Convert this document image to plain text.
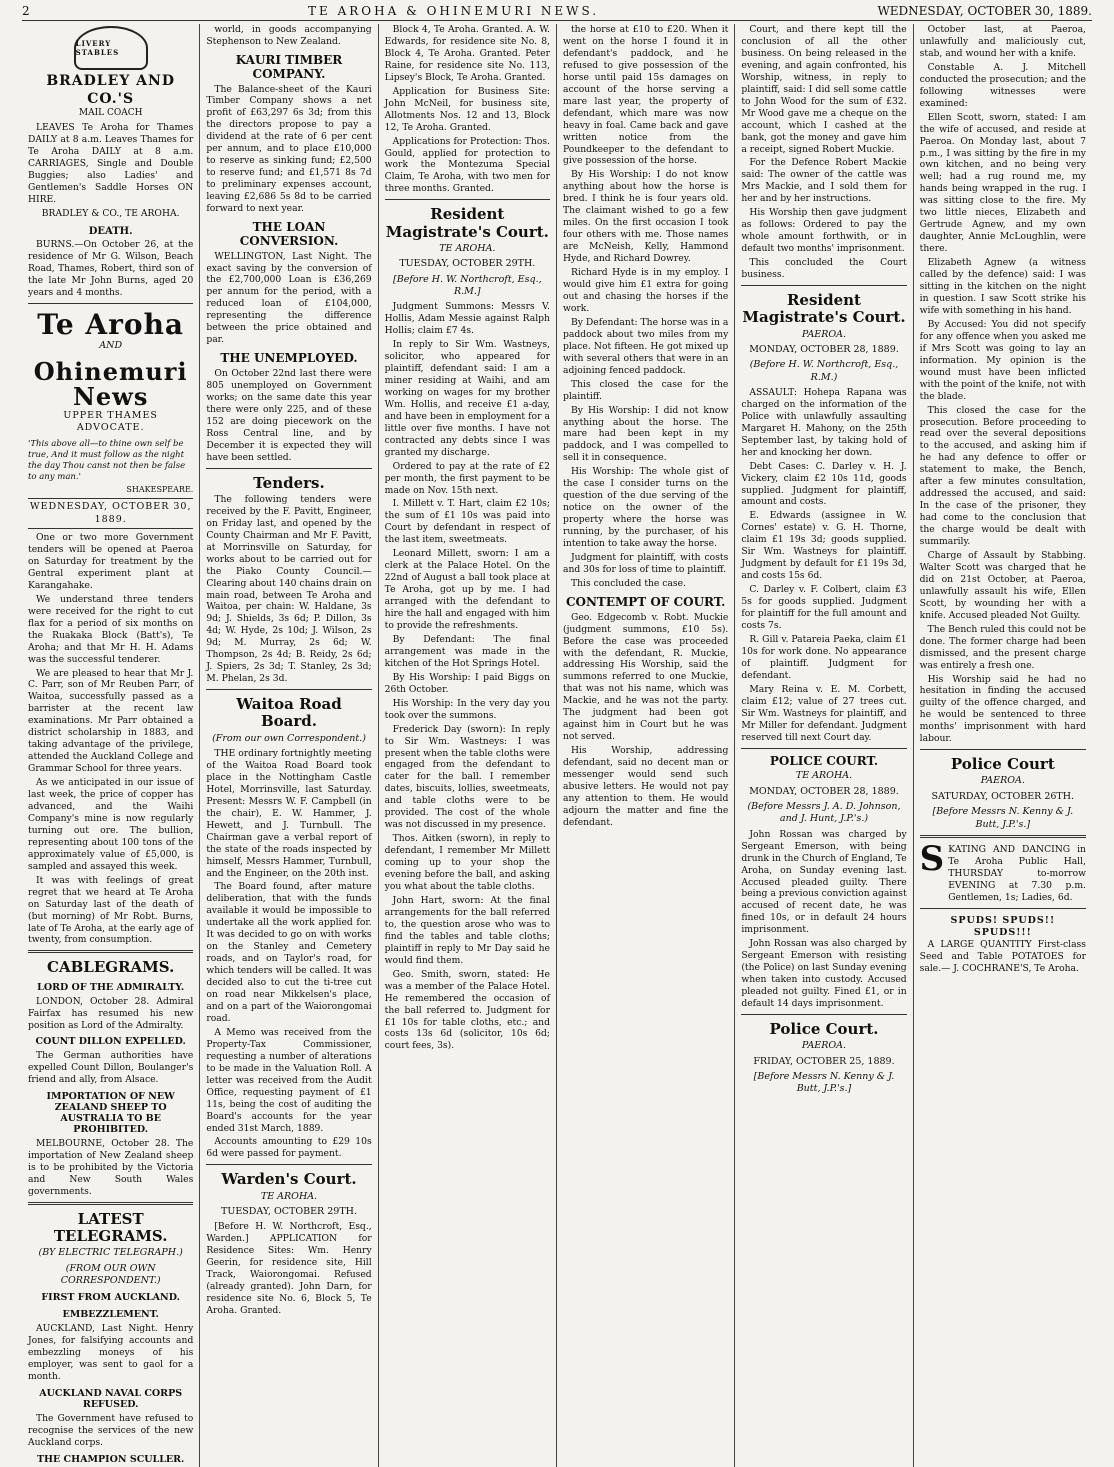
2	TE AROHA & OHINEMURI NEWS.	WEDNESDAY, OCTOBER 30, 1889.
LIVERY STABLES
BRADLEY AND CO.'S
MAIL COACH

LEAVES Te Aroha for Thames DAILY at 8 a.m. Leaves Thames for Te Aroha DAILY at 8 a.m. CARRIAGES, Single and Double Buggies; also Ladies' and Gentlemen's Saddle Horses ON HIRE.

BRADLEY & CO., TE AROHA.

DEATH.

BURNS.—On October 26, at the residence of Mr G. Wilson, Beach Road, Thames, Robert, third son of the late Mr John Burns, aged 20 years and 4 months.

Te Aroha
AND
Ohinemuri News
UPPER THAMES ADVOCATE.
'This above all—to thine own self be true, And it must follow as the night the day Thou canst not then be false to any man.'
SHAKESPEARE.
WEDNESDAY, OCTOBER 30, 1889.

One or two more Government tenders will be opened at Paeroa on Saturday for treatment by the Gentral experiment plant at Karangahake.

We understand three tenders were received for the right to cut flax for a period of six months on the Ruakaka Block (Batt's), Te Aroha; and that Mr H. H. Adams was the successful tenderer.

We are pleased to hear that Mr J. C. Parr, son of Mr Reuben Parr, of Waitoa, successfully passed as a barrister at the recent law examinations. Mr Parr obtained a district scholarship in 1883, and taking advantage of the privilege, attended the Auckland College and Grammar School for three years.

As we anticipated in our issue of last week, the price of copper has advanced, and the Waihi Company's mine is now regularly turning out ore. The bullion, representing about 100 tons of the approximately value of £5,000, is sampled and assayed this week.

It was with feelings of great regret that we heard at Te Aroha on Saturday last of the death of (but morning) of Mr Robt. Burns, late of Te Aroha, at the early age of twenty, from consumption.

CABLEGRAMS.
LORD OF THE ADMIRALTY.

LONDON, October 28. Admiral Fairfax has resumed his new position as Lord of the Admiralty.

COUNT DILLON EXPELLED.

The German authorities have expelled Count Dillon, Boulanger's friend and ally, from Alsace.

IMPORTATION OF NEW ZEALAND SHEEP TO AUSTRALIA TO BE PROHIBITED.

MELBOURNE, October 28. The importation of New Zealand sheep is to be prohibited by the Victoria and New South Wales governments.

LATEST TELEGRAMS.
(BY ELECTRIC TELEGRAPH.)
(FROM OUR OWN CORRESPONDENT.)
FIRST FROM AUCKLAND.
EMBEZZLEMENT.

AUCKLAND, Last Night. Henry Jones, for falsifying accounts and embezzling moneys of his employer, was sent to gaol for a month.

AUCKLAND NAVAL CORPS REFUSED.

The Government have refused to recognise the services of the new Auckland corps.

THE CHAMPION SCULLER.

world, in goods accompanying Stephenson to New Zealand.

KAURI TIMBER COMPANY.

The Balance-sheet of the Kauri Timber Company shows a net profit of £63,297 6s 3d; from this the directors propose to pay a dividend at the rate of 6 per cent per annum, and to place £10,000 to reserve as sinking fund; £2,500 to reserve fund; and £1,571 8s 7d to preliminary expenses account, leaving £2,686 5s 8d to be carried forward to next year.

THE LOAN CONVERSION.

WELLINGTON, Last Night. The exact saving by the conversion of the £2,700,000 Loan is £36,269 per annum for the period, with a reduced loan of £104,000, representing the difference between the price obtained and par.

THE UNEMPLOYED.

On October 22nd last there were 805 unemployed on Government works; on the same date this year there were only 225, and of these 152 are doing piecework on the Ross Central line, and by December it is expected they will have been settled.

Tenders.

The following tenders were received by the F. Pavitt, Engineer, on Friday last, and opened by the County Chairman and Mr F. Pavitt, at Morrinsville on Saturday, for works about to be carried out for the Piako County Council.—Clearing about 140 chains drain on main road, between Te Aroha and Waitoa, per chain: W. Haldane, 3s 9d; J. Shields, 3s 6d; P. Dillon, 3s 4d; W. Hyde, 2s 10d; J. Wilson, 2s 9d; M. Murray, 2s 6d; W. Thompson, 2s 4d; B. Reidy, 2s 6d; J. Spiers, 2s 3d; T. Stanley, 2s 3d; M. Phelan, 2s 3d.

Waitoa Road Board.
(From our own Correspondent.)

THE ordinary fortnightly meeting of the Waitoa Road Board took place in the Nottingham Castle Hotel, Morrinsville, last Saturday. Present: Messrs W. F. Campbell (in the chair), E. W. Hammer, J. Hewett, and J. Turnbull. The Chairman gave a verbal report of the state of the roads inspected by himself, Messrs Hammer, Turnbull, and the Engineer, on the 20th inst.

The Board found, after mature deliberation, that with the funds available it would be impossible to undertake all the work applied for. It was decided to go on with works on the Stanley and Cemetery roads, and on Taylor's road, for which tenders will be called. It was decided also to cut the ti-tree cut on road near Mikkelsen's place, and on a part of the Waiorongomai road.

A Memo was received from the Property-Tax Commissioner, requesting a number of alterations to be made in the Valuation Roll. A letter was received from the Audit Office, requesting payment of £1 11s, being the cost of auditing the Board's accounts for the year ended 31st March, 1889.

Accounts amounting to £29 10s 6d were passed for payment.

Warden's Court.
TE AROHA.
TUESDAY, OCTOBER 29TH.

[Before H. W. Northcroft, Esq., Warden.] APPLICATION for Residence Sites: Wm. Henry Geerin, for residence site, Hill Track, Waiorongomai. Refused (already granted). John Darn, for residence site No. 6, Block 5, Te Aroha. Granted.

Block 4, Te Aroha. Granted. A. W. Edwards, for residence site No. 8, Block 4, Te Aroha. Granted. Peter Raine, for residence site No. 113, Lipsey's Block, Te Aroha. Granted.

Application for Business Site: John McNeil, for business site, Allotments Nos. 12 and 13, Block 12, Te Aroha. Granted.

Applications for Protection: Thos. Gould, applied for protection to work the Montezuma Special Claim, Te Aroha, with two men for three months. Granted.

Resident Magistrate's Court.
TE AROHA.
TUESDAY, OCTOBER 29TH.
[Before H. W. Northcroft, Esq., R.M.]

Judgment Summons: Messrs V. Hollis, Adam Messie against Ralph Hollis; claim £7 4s.

In reply to Sir Wm. Wastneys, solicitor, who appeared for plaintiff, defendant said: I am a miner residing at Waihi, and am working on wages for my brother Wm. Hollis, and receive £1 a-day, and have been in employment for a little over five months. I have not contracted any debts since I was granted my discharge.

Ordered to pay at the rate of £2 per month, the first payment to be made on Nov. 15th next.

I. Millett v. T. Hart, claim £2 10s; the sum of £1 10s was paid into Court by defendant in respect of the last item, sweetmeats.

Leonard Millett, sworn: I am a clerk at the Palace Hotel. On the 22nd of August a ball took place at Te Aroha, got up by me. I had arranged with the defendant to hire the hall and engaged with him to provide the refreshments.

By Defendant: The final arrangement was made in the kitchen of the Hot Springs Hotel.

By His Worship: I paid Biggs on 26th October.

His Worship: In the very day you took over the summons.

Frederick Day (sworn): In reply to Sir Wm. Wastneys: I was present when the table cloths were engaged from the defendant to cater for the ball. I remember dates, biscuits, lollies, sweetmeats, and table cloths were to be provided. The cost of the whole was not discussed in my presence.

Thos. Aitken (sworn), in reply to defendant, I remember Mr Millett coming up to your shop the evening before the ball, and asking you what about the table cloths.

John Hart, sworn: At the final arrangements for the ball referred to, the question arose who was to find the tables and table cloths; plaintiff in reply to Mr Day said he would find them.

Geo. Smith, sworn, stated: He was a member of the Palace Hotel. He remembered the occasion of the ball referred to. Judgment for £1 10s for table cloths, etc.; and costs 13s 6d (solicitor, 10s 6d; court fees, 3s).

the horse at £10 to £20. When it went on the horse I found it in defendant's paddock, and he refused to give possession of the horse until paid 15s damages on account of the horse serving a mare last year, the property of defendant, which mare was now heavy in foal. Came back and gave written notice from the Poundkeeper to the defendant to give possession of the horse.

By His Worship: I do not know anything about how the horse is bred. I think he is four years old. The claimant wished to go a few miles. On the first occasion I took four others with me. Those names are McNeish, Kelly, Hammond Hyde, and Richard Dowrey.

Richard Hyde is in my employ. I would give him £1 extra for going out and chasing the horses if the work.

By Defendant: The horse was in a paddock about two miles from my place. Not fifteen. He got mixed up with several others that were in an adjoining fenced paddock.

This closed the case for the plaintiff.

By His Worship: I did not know anything about the horse. The mare had been kept in my paddock, and I was compelled to sell it in consequence.

His Worship: The whole gist of the case I consider turns on the question of the due serving of the notice on the owner of the property where the horse was running, by the purchaser, of his intention to take away the horse.

Judgment for plaintiff, with costs and 30s for loss of time to plaintiff.

This concluded the case.

CONTEMPT OF COURT.

Geo. Edgecomb v. Robt. Muckie (judgment summons, £10 5s). Before the case was proceeded with the defendant, R. Muckie, addressing His Worship, said the summons referred to one Muckie, that was not his name, which was Mackie, and he was not the party. The judgment had been got against him in Court but he was not served.

His Worship, addressing defendant, said no decent man or messenger would send such abusive letters. He would not pay any attention to them. He would adjourn the matter and fine the defendant.

Court, and there kept till the conclusion of all the other business. On being released in the evening, and again confronted, his Worship, witness, in reply to plaintiff, said: I did sell some cattle to John Wood for the sum of £32. Mr Wood gave me a cheque on the account, which I cashed at the bank, got the money and gave him a receipt, signed Robert Muckie.

For the Defence Robert Mackie said: The owner of the cattle was Mrs Mackie, and I sold them for her and by her instructions.

His Worship then gave judgment as follows: Ordered to pay the whole amount forthwith, or in default two months' imprisonment.

This concluded the Court business.

Resident Magistrate's Court.
PAEROA.
MONDAY, OCTOBER 28, 1889.
(Before H. W. Northcroft, Esq., R.M.)

ASSAULT: Hohepa Rapana was charged on the information of the Police with unlawfully assaulting Margaret H. Mahony, on the 25th September last, by taking hold of her and knocking her down.

Debt Cases: C. Darley v. H. J. Vickery, claim £2 10s 11d, goods supplied. Judgment for plaintiff, amount and costs.

E. Edwards (assignee in W. Cornes' estate) v. G. H. Thorne, claim £1 19s 3d; goods supplied. Sir Wm. Wastneys for plaintiff. Judgment by default for £1 19s 3d, and costs 15s 6d.

C. Darley v. F. Colbert, claim £3 5s for goods supplied. Judgment for plaintiff for the full amount and costs 7s.

R. Gill v. Patareia Paeka, claim £1 10s for work done. No appearance of plaintiff. Judgment for defendant.

Mary Reina v. E. M. Corbett, claim £12; value of 27 trees cut. Sir Wm. Wastneys for plaintiff, and Mr Miller for defendant. Judgment reserved till next Court day.

POLICE COURT.
TE AROHA.
MONDAY, OCTOBER 28, 1889.
(Before Messrs J. A. D. Johnson, and J. Hunt, J.P.'s.)

John Rossan was charged by Sergeant Emerson, with being drunk in the Church of England, Te Aroha, on Sunday evening last. Accused pleaded guilty. There being a previous conviction against accused of recent date, he was fined 10s, or in default 24 hours imprisonment.

John Rossan was also charged by Sergeant Emerson with resisting (the Police) on last Sunday evening when taken into custody. Accused pleaded not guilty. Fined £1, or in default 14 days imprisonment.

Police Court.
PAEROA.
FRIDAY, OCTOBER 25, 1889.
[Before Messrs N. Kenny & J. Butt, J.P.'s.]

October last, at Paeroa, unlawfully and maliciously cut, stab, and wound her with a knife.

Constable A. J. Mitchell conducted the prosecution; and the following witnesses were examined:

Ellen Scott, sworn, stated: I am the wife of accused, and reside at Paeroa. On Monday last, about 7 p.m., I was sitting by the fire in my own kitchen, and no being very well; had a rug round me, my hands being wrapped in the rug. I was sitting close to the fire. My two little nieces, Elizabeth and Gertrude Agnew, and my own daughter, Annie McLoughlin, were there.

Elizabeth Agnew (a witness called by the defence) said: I was sitting in the kitchen on the night in question. I saw Scott strike his wife with something in his hand.

By Accused: You did not specify for any offence when you asked me if Mrs Scott was going to lay an information. My opinion is the wound must have been inflicted with the point of the knife, not with the blade.

This closed the case for the prosecution. Before proceeding to read over the several depositions to the accused, and asking him if he had any defence to offer or statement to make, the Bench, after a few minutes consultation, addressed the accused, and said: In the case of the prisoner, they had come to the conclusion that the charge would be dealt with summarily.

Charge of Assault by Stabbing. Walter Scott was charged that he did on 21st October, at Paeroa, unlawfully assault his wife, Ellen Scott, by wounding her with a knife. Accused pleaded Not Guilty.

The Bench ruled this could not be done. The former charge had been dismissed, and the present charge was entirely a fresh one.

His Worship said he had no hesitation in finding the accused guilty of the offence charged, and he would be sentenced to three months' imprisonment with hard labour.

Police Court
PAEROA.
SATURDAY, OCTOBER 26TH.
[Before Messrs N. Kenny & J. Butt, J.P.'s.]
S KATING AND DANCING in Te Aroha Public Hall, THURSDAY to-morrow EVENING at 7.30 p.m. Gentlemen, 1s; Ladies, 6d.
SPUDS! SPUDS!! SPUDS!!!

A LARGE QUANTITY First-class Seed and Table POTATOES for sale.— J. COCHRANE'S, Te Aroha.
